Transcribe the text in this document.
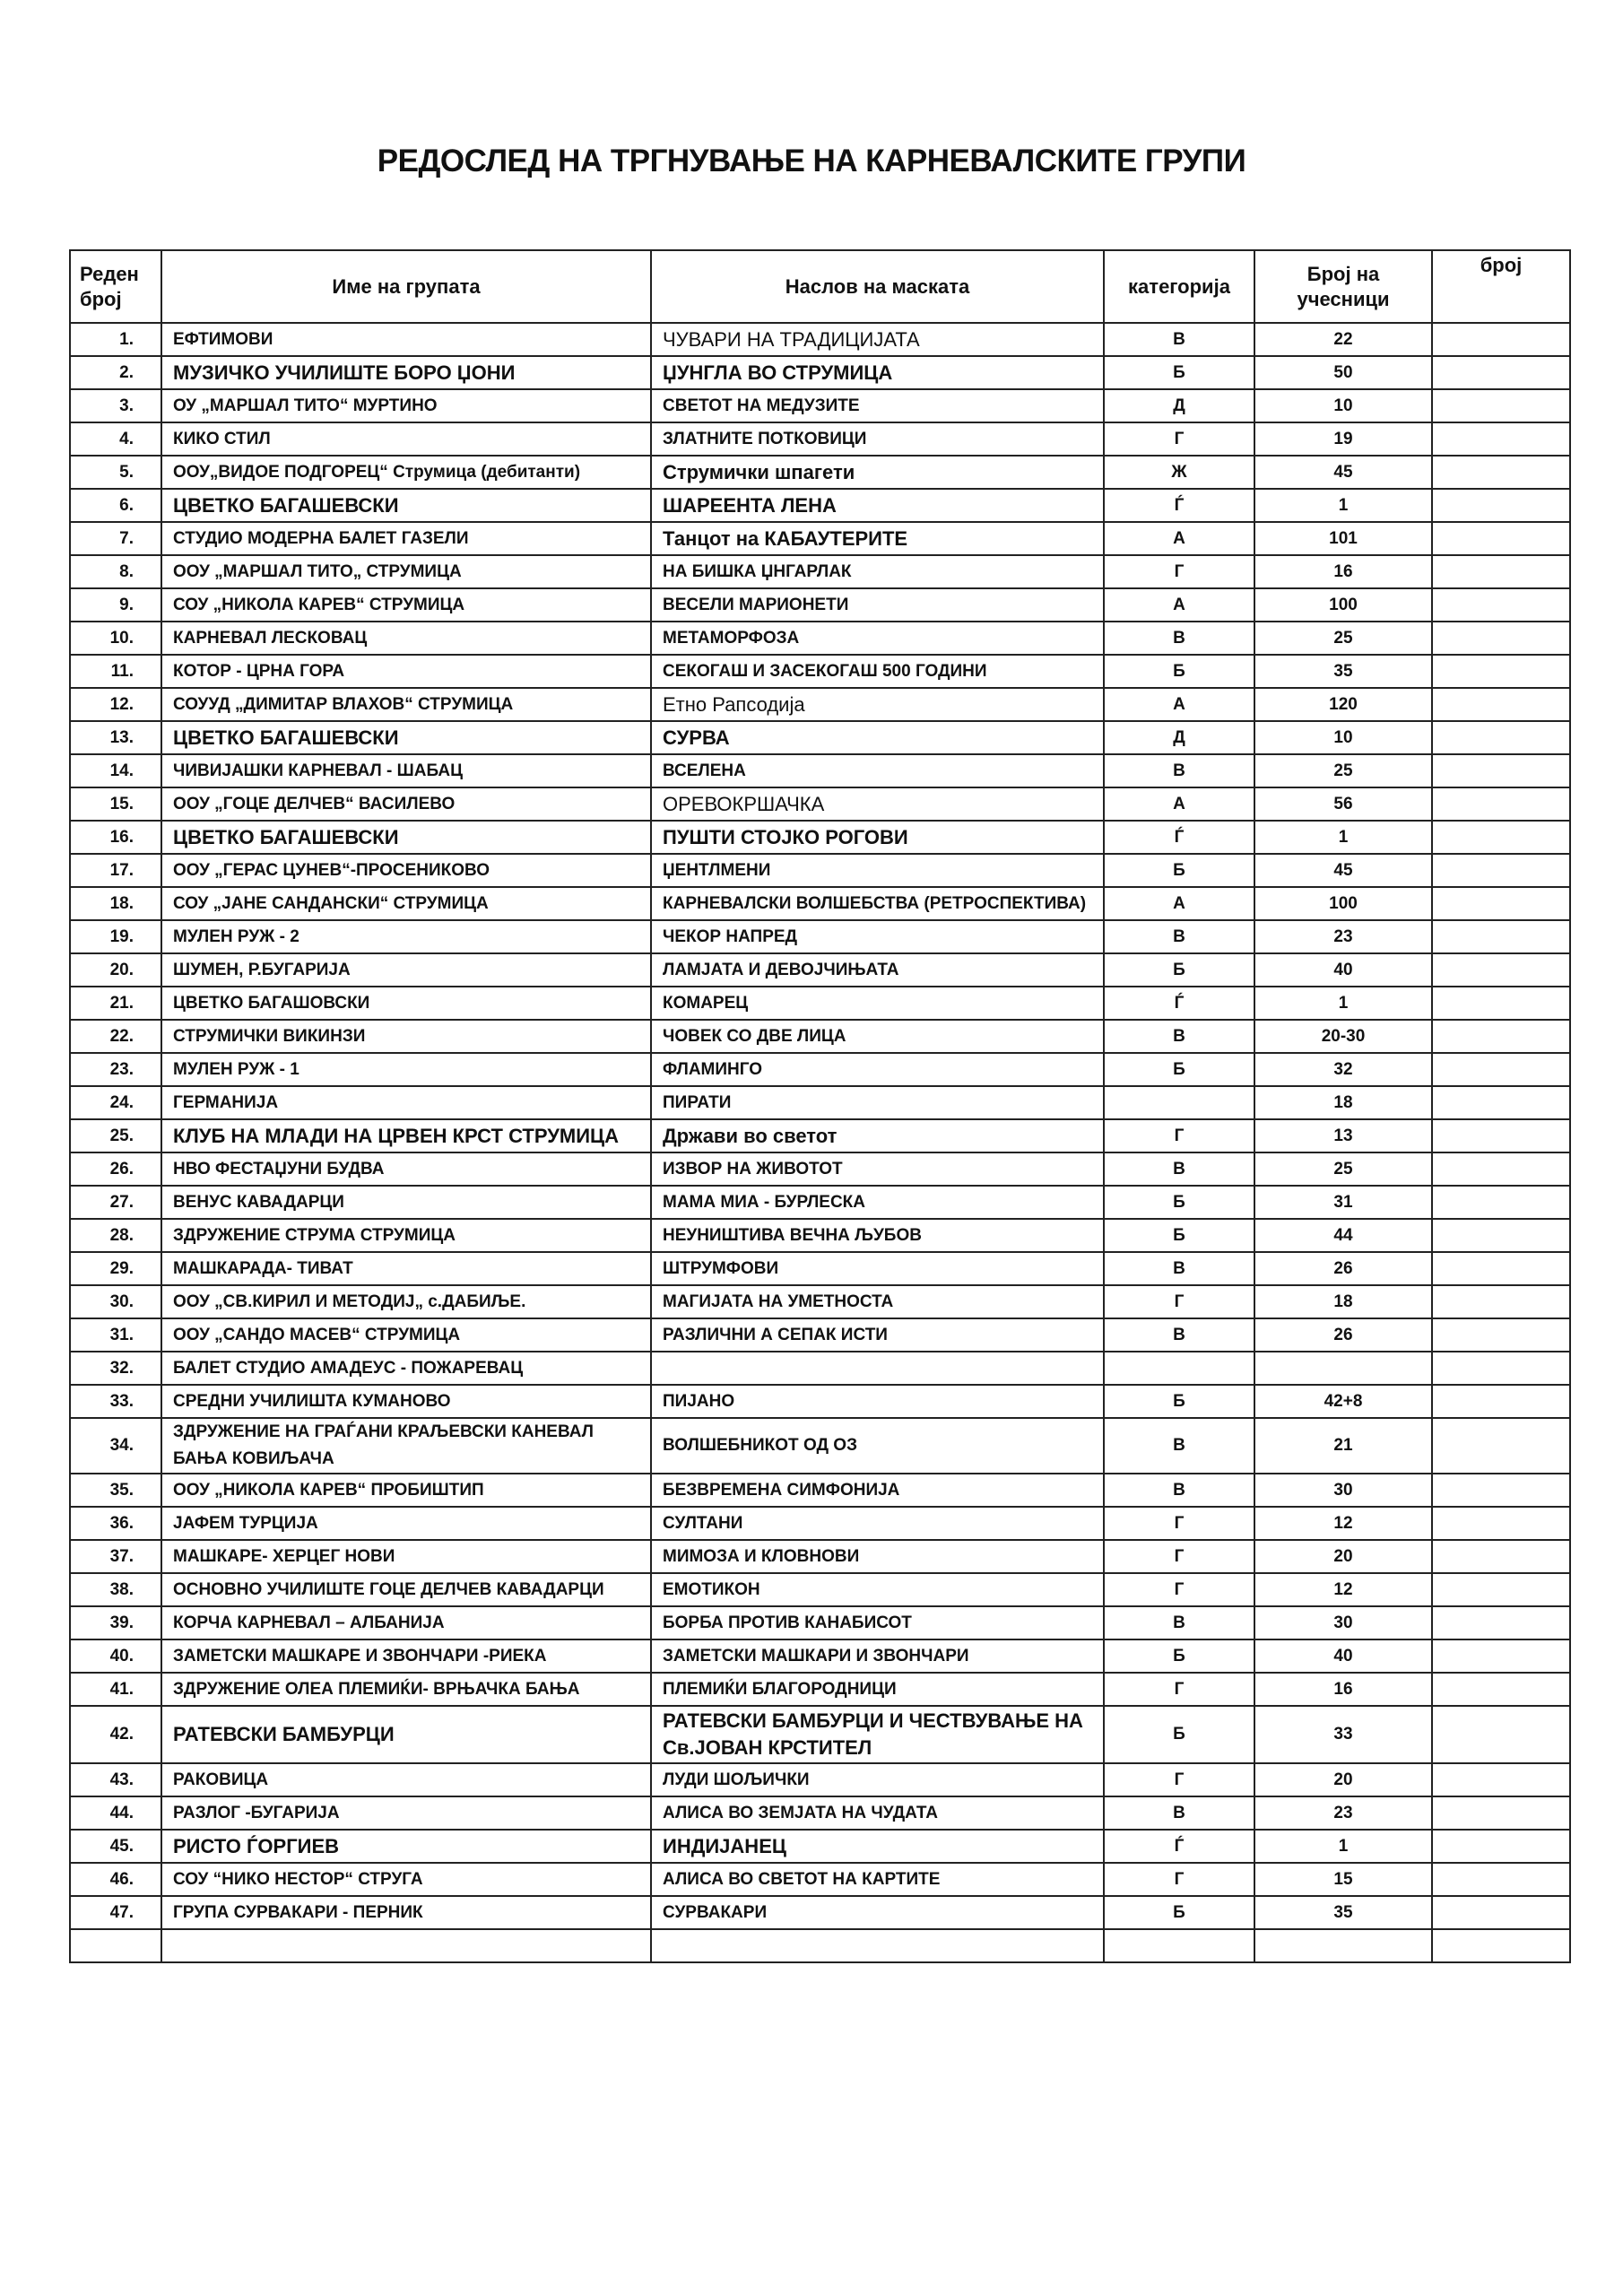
РЕДОСЛЕД НА ТРГНУВАЊЕ НА КАРНЕВАЛСКИТЕ ГРУПИ
Реден број	Име на групата	Наслов на маската	категорија	Број на учесници	број
1.	ЕФТИМОВИ	ЧУВАРИ НА ТРАДИЦИЈАТА	В	22	
2.	МУЗИЧКО УЧИЛИШТЕ БОРО ЏОНИ	ЏУНГЛА ВО СТРУМИЦА	Б	50	
3.	ОУ „МАРШАЛ ТИТО“ МУРТИНО	СВЕТОТ НА МЕДУЗИТЕ	Д	10	
4.	КИКО СТИЛ	ЗЛАТНИТЕ ПОТКОВИЦИ	Г	19	
5.	ООУ„ВИДОЕ ПОДГОРЕЦ“ Струмица (дебитанти)	Струмички шпагети	Ж	45	
6.	ЦВЕТКО БАГАШЕВСКИ	ШАРЕЕНТА ЛЕНА	Ѓ	1	
7.	СТУДИО МОДЕРНА БАЛЕТ ГАЗЕЛИ	Танцот на КАБАУТЕРИТЕ	А	101	
8.	ООУ „МАРШАЛ ТИТО„ СТРУМИЦА	НА БИШКА ЏНГАРЛАК	Г	16	
9.	СОУ „НИКОЛА КАРЕВ“ СТРУМИЦА	ВЕСЕЛИ МАРИОНЕТИ	А	100	
10.	КАРНЕВАЛ ЛЕСКОВАЦ	МЕТАМОРФОЗА	В	25	
11.	КОТОР - ЦРНА ГОРА	СЕКОГАШ И ЗАСЕКОГАШ 500 ГОДИНИ	Б	35	
12.	СОУУД „ДИМИТАР ВЛАХОВ“ СТРУМИЦА	Етно Рапсодија	А	120	
13.	ЦВЕТКО БАГАШЕВСКИ	СУРВА	Д	10	
14.	ЧИВИЈАШКИ КАРНЕВАЛ - ШАБАЦ	ВСЕЛЕНА	В	25	
15.	ООУ „ГОЦЕ ДЕЛЧЕВ“ ВАСИЛЕВО	ОРЕВОКРШАЧКА	А	56	
16.	ЦВЕТКО БАГАШЕВСКИ	ПУШТИ СТОЈКО РОГОВИ	Ѓ	1	
17.	ООУ „ГЕРАС ЦУНЕВ“-ПРОСЕНИКОВО	ЏЕНТЛМЕНИ	Б	45	
18.	СОУ „ЈАНЕ САНДАНСКИ“ СТРУМИЦА	КАРНЕВАЛСКИ ВОЛШЕБСТВА (РЕТРОСПЕКТИВА)	А	100	
19.	МУЛЕН РУЖ - 2	ЧЕКОР НАПРЕД	В	23	
20.	ШУМЕН, Р.БУГАРИЈА	ЛАМЈАТА И ДЕВОЈЧИЊАТА	Б	40	
21.	ЦВЕТКО БАГАШОВСКИ	КОМАРЕЦ	Ѓ	1	
22.	СТРУМИЧКИ ВИКИНЗИ	ЧОВЕК СО ДВЕ ЛИЦА	В	20-30	
23.	МУЛЕН РУЖ - 1	ФЛАМИНГО	Б	32	
24.	ГЕРМАНИЈА	ПИРАТИ		18	
25.	КЛУБ НА МЛАДИ НА ЦРВЕН КРСТ СТРУМИЦА	Држави во светот	Г	13	
26.	НВО ФЕСТАЏУНИ БУДВА	ИЗВОР НА ЖИВОТОТ	В	25	
27.	ВЕНУС КАВАДАРЦИ	МАМА МИА - БУРЛЕСКА	Б	31	
28.	ЗДРУЖЕНИЕ СТРУМА СТРУМИЦА	НЕУНИШТИВА ВЕЧНА ЉУБОВ	Б	44	
29.	МАШКАРАДА- ТИВАТ	ШТРУМФОВИ	В	26	
30.	ООУ „СВ.КИРИЛ И МЕТОДИЈ„ с.ДАБИЉЕ.	МАГИЈАТА НА УМЕТНОСТА	Г	18	
31.	ООУ „САНДО МАСЕВ“ СТРУМИЦА	РАЗЛИЧНИ А СЕПАК ИСТИ	В	26	
32.	БАЛЕТ СТУДИО АМАДЕУС - ПОЖАРЕВАЦ				
33.	СРЕДНИ УЧИЛИШТА КУМАНОВО	ПИЈАНО	Б	42+8	
34.	ЗДРУЖЕНИЕ НА ГРАЃАНИ КРАЉЕВСКИ КАНЕВАЛ БАЊА КОВИЉАЧА	ВОЛШЕБНИКОТ ОД ОЗ	В	21	
35.	ООУ „НИКОЛА КАРЕВ“ ПРОБИШТИП	БЕЗВРЕМЕНА СИМФОНИЈА	В	30	
36.	ЈАФЕМ ТУРЦИЈА	СУЛТАНИ	Г	12	
37.	МАШКАРЕ- ХЕРЦЕГ НОВИ	МИМОЗА И КЛОВНОВИ	Г	20	
38.	ОСНОВНО УЧИЛИШТЕ ГОЦЕ ДЕЛЧЕВ КАВАДАРЦИ	ЕМОТИКОН	Г	12	
39.	КОРЧА КАРНЕВАЛ – АЛБАНИЈА	БОРБА ПРОТИВ КАНАБИСОТ	В	30	
40.	ЗАМЕТСКИ МАШКАРЕ И ЗВОНЧАРИ -РИЕКА	ЗАМЕТСКИ МАШКАРИ И ЗВОНЧАРИ	Б	40	
41.	ЗДРУЖЕНИЕ ОЛЕА ПЛЕМИЌИ- ВРЊАЧКА БАЊА	ПЛЕМИЌИ БЛАГОРОДНИЦИ	Г	16	
42.	РАТЕВСКИ БАМБУРЦИ	РАТЕВСКИ БАМБУРЦИ И ЧЕСТВУВАЊЕ НА Св.ЈОВАН КРСТИТЕЛ	Б	33	
43.	РАКОВИЦА	ЛУДИ ШОЉИЧКИ	Г	20	
44.	РАЗЛОГ -БУГАРИЈА	АЛИСА ВО ЗЕМЈАТА НА ЧУДАТА	В	23	
45.	РИСТО ЃОРГИЕВ	ИНДИЈАНЕЦ	Ѓ	1	
46.	СОУ “НИКО НЕСТОР“ СТРУГА	АЛИСА ВО СВЕТОТ НА КАРТИТЕ	Г	15	
47.	ГРУПА СУРВАКАРИ - ПЕРНИК	СУРВАКАРИ	Б	35	
